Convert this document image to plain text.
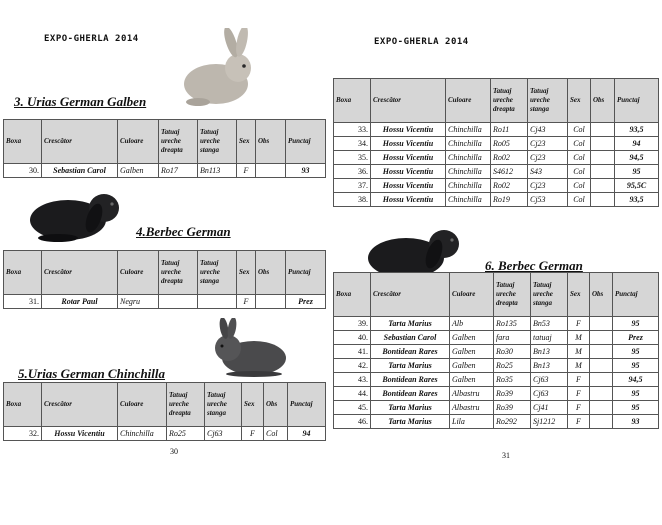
EXPO-GHERLA 2014	EXPO-GHERLA 2014
3. Urias German Galben
4.Berbec German
5.Urias German Chinchilla
6. Berbec German
Boxa	Crescător	Culoare	Tatuaj ureche dreapta	Tatuaj ureche stanga	Sex	Obs	Punctaj
30.	Sebastian Carol	Galben	Ro17	Bn113	F		93
Boxa	Crescător	Culoare	Tatuaj ureche dreapta	Tatuaj ureche stanga	Sex	Obs	Punctaj
31.	Rotar Paul	Negru			F		Prez
Boxa	Crescător	Culoare	Tatuaj ureche dreapta	Tatuaj ureche stanga	Sex	Obs	Punctaj
32.	Hossu Vicentiu	Chinchilla	Ro25	Cj63	F	Col	94
Boxa	Crescător	Culoare	Tatuaj ureche dreapta	Tatuaj ureche stanga	Sex	Obs	Punctaj
33.	Hossu Vicentiu	Chinchilla	Ro11	Cj43	Col		93,5
34.	Hossu Vicentiu	Chinchilla	Ro05	Cj23	Col		94
35.	Hossu Vicentiu	Chinchilla	Ro02	Cj23	Col		94,5
36.	Hossu Vicentiu	Chinchilla	S4612	S43	Col		95
37.	Hossu Vicentiu	Chinchilla	Ro02	Cj23	Col		95,5C
38.	Hossu Vicentiu	Chinchilla	Ro19	Cj53	Col		93,5
Boxa	Crescător	Culoare	Tatuaj ureche dreapta	Tatuaj ureche stanga	Sex	Obs	Punctaj
39.	Tarta Marius	Alb	Ro135	Bn53	F		95
40.	Sebastian Carol	Galben	fara	tatuaj	M		Prez
41.	Bontidean Rares	Galben	Ro30	Bn13	M		95
42.	Tarta Marius	Galben	Ro25	Bn13	M		95
43.	Bontidean Rares	Galben	Ro35	Cj63	F		94,5
44.	Bontidean Rares	Albastru	Ro39	Cj63	F		95
45.	Tarta Marius	Albastru	Ro39	Cj41	F		95
46.	Tarta Marius	Lila	Ro292	Sj1212	F		93
30	31
